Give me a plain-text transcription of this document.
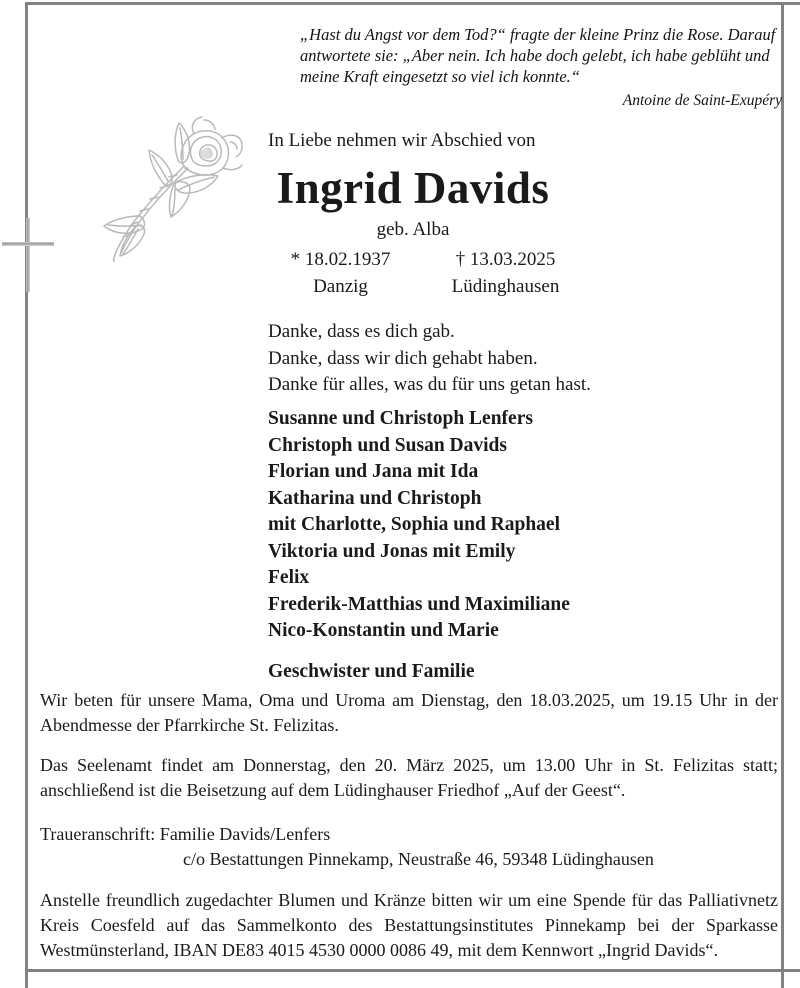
„Hast du Angst vor dem Tod?“ fragte der kleine Prinz die Rose. Darauf antwortete sie: „Aber nein. Ich habe doch gelebt, ich habe geblüht und meine Kraft eingesetzt so viel ich konnte.“
Antoine de Saint-Exupéry
In Liebe nehmen wir Abschied von
Ingrid Davids
geb. Alba
* 18.02.1937
Danzig
† 13.03.2025
Lüdinghausen
Danke, dass es dich gab.
Danke, dass wir dich gehabt haben.
Danke für alles, was du für uns getan hast.
Susanne und Christoph Lenfers
Christoph und Susan Davids
Florian und Jana mit Ida
Katharina und Christoph
mit Charlotte, Sophia und Raphael
Viktoria und Jonas mit Emily
Felix
Frederik-Matthias und Maximiliane
Nico-Konstantin und Marie
Geschwister und Familie
Wir beten für unsere Mama, Oma und Uroma am Dienstag, den 18.03.2025, um 19.15 Uhr in der Abendmesse der Pfarrkirche St. Felizitas.
Das Seelenamt findet am Donnerstag, den 20. März 2025, um 13.00 Uhr in St. Felizitas statt; anschließend ist die Beisetzung auf dem Lüdinghauser Friedhof „Auf der Geest“.
Traueranschrift: Familie Davids/Lenfers
c/o Bestattungen Pinnekamp, Neustraße 46, 59348 Lüdinghausen
Anstelle freundlich zugedachter Blumen und Kränze bitten wir um eine Spende für das Palliativnetz Kreis Coesfeld auf das Sammelkonto des Bestattungsinstitutes Pinnekamp bei der Sparkasse Westmünsterland, IBAN DE83 4015 4530 0000 0086 49, mit dem Kennwort „Ingrid Davids“.
